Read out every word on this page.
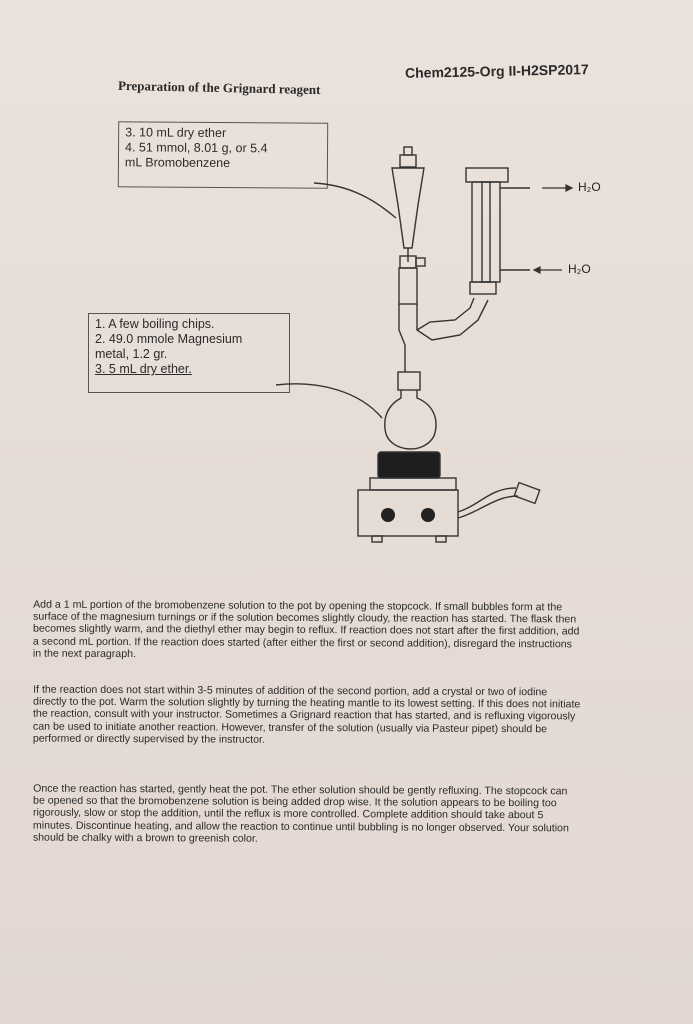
Chem2125-Org II-H2SP2017
Preparation of the Grignard reagent

3. 10 mL dry ether

4. 51 mmol, 8.01 g, or 5.4

mL Bromobenzene

1. A few boiling chips.

2. 49.0 mmole Magnesium

metal, 1.2 gr.

3. 5 mL dry ether.

H₂O
H₂O
Add a 1 mL portion of the bromobenzene solution to the pot by opening the stopcock. If small bubbles form at the surface of the magnesium turnings or if the solution becomes slightly cloudy, the reaction has started. The flask then becomes slightly warm, and the diethyl ether may begin to reflux. If reaction does not start after the first addition, add a second mL portion. If the reaction does started (after either the first or second addition), disregard the instructions in the next paragraph.
If the reaction does not start within 3-5 minutes of addition of the second portion, add a crystal or two of iodine directly to the pot. Warm the solution slightly by turning the heating mantle to its lowest setting. If this does not initiate the reaction, consult with your instructor. Sometimes a Grignard reaction that has started, and is refluxing vigorously can be used to initiate another reaction. However, transfer of the solution (usually via Pasteur pipet) should be performed or directly supervised by the instructor.
Once the reaction has started, gently heat the pot. The ether solution should be gently refluxing. The stopcock can be opened so that the bromobenzene solution is being added drop wise. It the solution appears to be boiling too rigorously, slow or stop the addition, until the reflux is more controlled. Complete addition should take about 5 minutes. Discontinue heating, and allow the reaction to continue until bubbling is no longer observed. Your solution should be chalky with a brown to greenish color.
